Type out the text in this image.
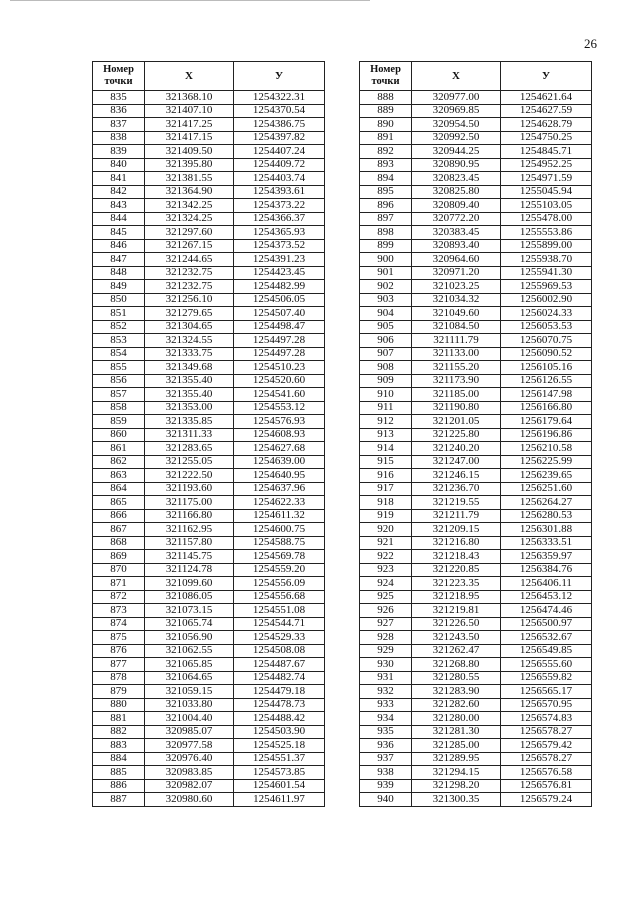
26
Номер
точки	X	У
835	321368.10	1254322.31
836	321407.10	1254370.54
837	321417.25	1254386.75
838	321417.15	1254397.82
839	321409.50	1254407.24
840	321395.80	1254409.72
841	321381.55	1254403.74
842	321364.90	1254393.61
843	321342.25	1254373.22
844	321324.25	1254366.37
845	321297.60	1254365.93
846	321267.15	1254373.52
847	321244.65	1254391.23
848	321232.75	1254423.45
849	321232.75	1254482.99
850	321256.10	1254506.05
851	321279.65	1254507.40
852	321304.65	1254498.47
853	321324.55	1254497.28
854	321333.75	1254497.28
855	321349.68	1254510.23
856	321355.40	1254520.60
857	321355.40	1254541.60
858	321353.00	1254553.12
859	321335.85	1254576.93
860	321311.33	1254608.93
861	321283.65	1254627.68
862	321255.05	1254639.00
863	321222.50	1254640.95
864	321193.60	1254637.96
865	321175.00	1254622.33
866	321166.80	1254611.32
867	321162.95	1254600.75
868	321157.80	1254588.75
869	321145.75	1254569.78
870	321124.78	1254559.20
871	321099.60	1254556.09
872	321086.05	1254556.68
873	321073.15	1254551.08
874	321065.74	1254544.71
875	321056.90	1254529.33
876	321062.55	1254508.08
877	321065.85	1254487.67
878	321064.65	1254482.74
879	321059.15	1254479.18
880	321033.80	1254478.73
881	321004.40	1254488.42
882	320985.07	1254503.90
883	320977.58	1254525.18
884	320976.40	1254551.37
885	320983.85	1254573.85
886	320982.07	1254601.54
887	320980.60	1254611.97
Номер
точки	X	У
888	320977.00	1254621.64
889	320969.85	1254627.59
890	320954.50	1254628.79
891	320992.50	1254750.25
892	320944.25	1254845.71
893	320890.95	1254952.25
894	320823.45	1254971.59
895	320825.80	1255045.94
896	320809.40	1255103.05
897	320772.20	1255478.00
898	320383.45	1255553.86
899	320893.40	1255899.00
900	320964.60	1255938.70
901	320971.20	1255941.30
902	321023.25	1255969.53
903	321034.32	1256002.90
904	321049.60	1256024.33
905	321084.50	1256053.53
906	321111.79	1256070.75
907	321133.00	1256090.52
908	321155.20	1256105.16
909	321173.90	1256126.55
910	321185.00	1256147.98
911	321190.80	1256166.80
912	321201.05	1256179.64
913	321225.80	1256196.86
914	321240.20	1256210.58
915	321247.00	1256225.99
916	321246.15	1256239.65
917	321236.70	1256251.60
918	321219.55	1256264.27
919	321211.79	1256280.53
920	321209.15	1256301.88
921	321216.80	1256333.51
922	321218.43	1256359.97
923	321220.85	1256384.76
924	321223.35	1256406.11
925	321218.95	1256453.12
926	321219.81	1256474.46
927	321226.50	1256500.97
928	321243.50	1256532.67
929	321262.47	1256549.85
930	321268.80	1256555.60
931	321280.55	1256559.82
932	321283.90	1256565.17
933	321282.60	1256570.95
934	321280.00	1256574.83
935	321281.30	1256578.27
936	321285.00	1256579.42
937	321289.95	1256578.27
938	321294.15	1256576.58
939	321298.20	1256576.81
940	321300.35	1256579.24
